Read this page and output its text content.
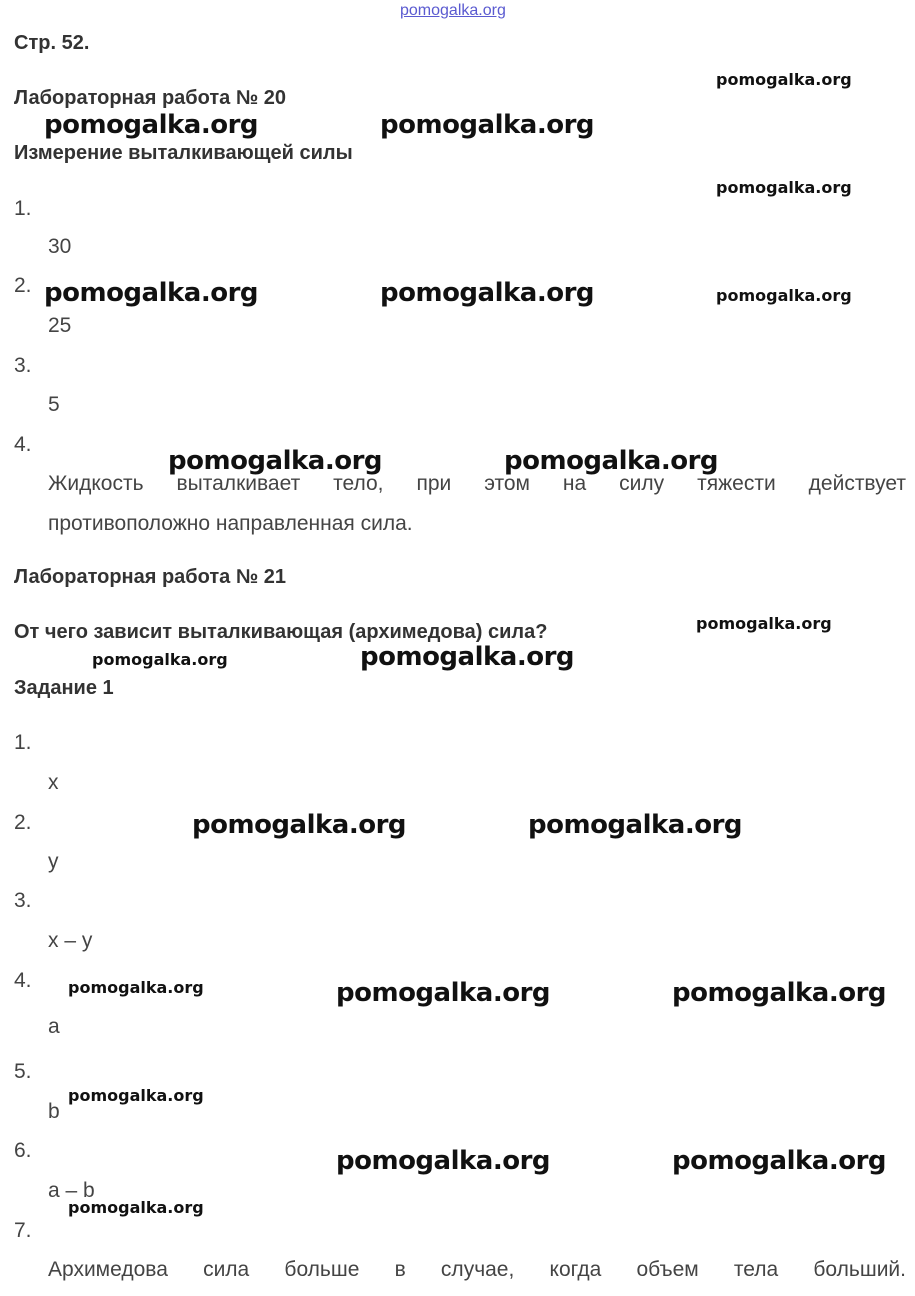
pomogalka.org
Стр. 52.
Лабораторная работа № 20
Измерение выталкивающей силы
1.
30
2.
25
3.
5
4.
Жидкость выталкивает тело, при этом на силу тяжести действует
противоположно направленная сила.
Лабораторная работа № 21
От чего зависит выталкивающая (архимедова) сила?
Задание 1
1.
x
2.
y
3.
x – y
4.
a
5.
b
6.
a – b
7.
Архимедова сила больше в случае, когда объем тела больший.
pomogalka.org
pomogalka.org	pomogalka.org
pomogalka.org
pomogalka.org	pomogalka.org	pomogalka.org
pomogalka.org	pomogalka.org
pomogalka.org
pomogalka.org	pomogalka.org
pomogalka.org	pomogalka.org
pomogalka.org	pomogalka.org	pomogalka.org
pomogalka.org
pomogalka.org	pomogalka.org
pomogalka.org
